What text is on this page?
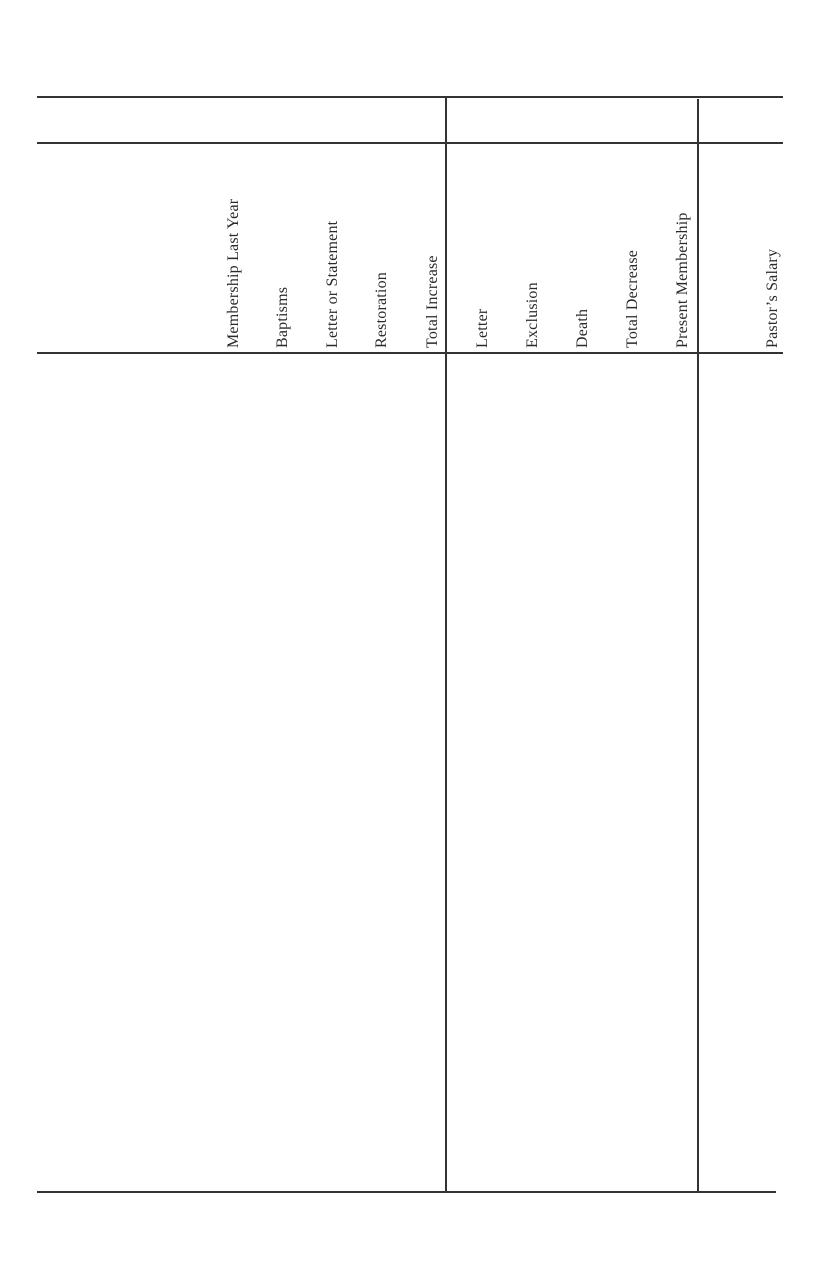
Membership Last Year Baptisms Letter or Statement Restoration Total Increase Letter Exclusion Death Total Decrease Present Membership	Pastor’s Salary
